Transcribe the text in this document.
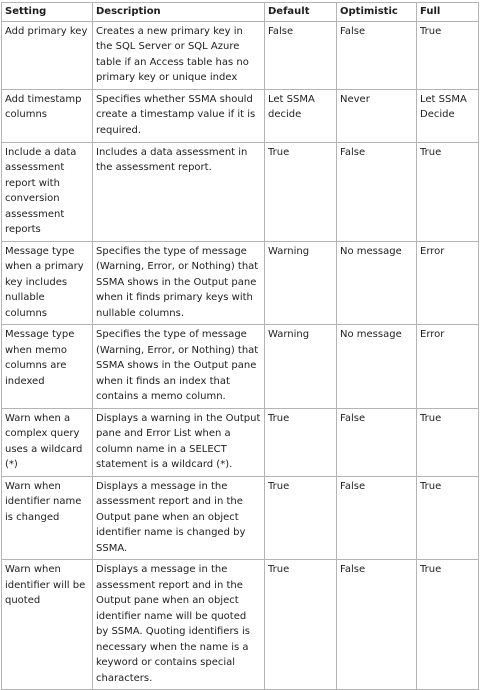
Setting	Description	Default	Optimistic	Full
Add primary key	Creates a new primary key in the SQL Server or SQL Azure table if an Access table has no primary key or unique index	False	False	True
Add timestamp columns	Specifies whether SSMA should create a timestamp value if it is required.	Let SSMA decide	Never	Let SSMA Decide
Include a data assessment report with conversion assessment reports	Includes a data assessment in the assessment report.	True	False	True
Message type when a primary key includes nullable columns	Specifies the type of message (Warning, Error, or Nothing) that SSMA shows in the Output pane when it finds primary keys with nullable columns.	Warning	No message	Error
Message type when memo columns are indexed	Specifies the type of message (Warning, Error, or Nothing) that SSMA shows in the Output pane when it finds an index that contains a memo column.	Warning	No message	Error
Warn when a complex query uses a wildcard (*)	Displays a warning in the Output pane and Error List when a column name in a SELECT statement is a wildcard (*).	True	False	True
Warn when identifier name is changed	Displays a message in the assessment report and in the Output pane when an object identifier name is changed by SSMA.	True	False	True
Warn when identifier will be quoted	Displays a message in the assessment report and in the Output pane when an object identifier name will be quoted by SSMA. Quoting identifiers is necessary when the name is a keyword or contains special characters.	True	False	True
